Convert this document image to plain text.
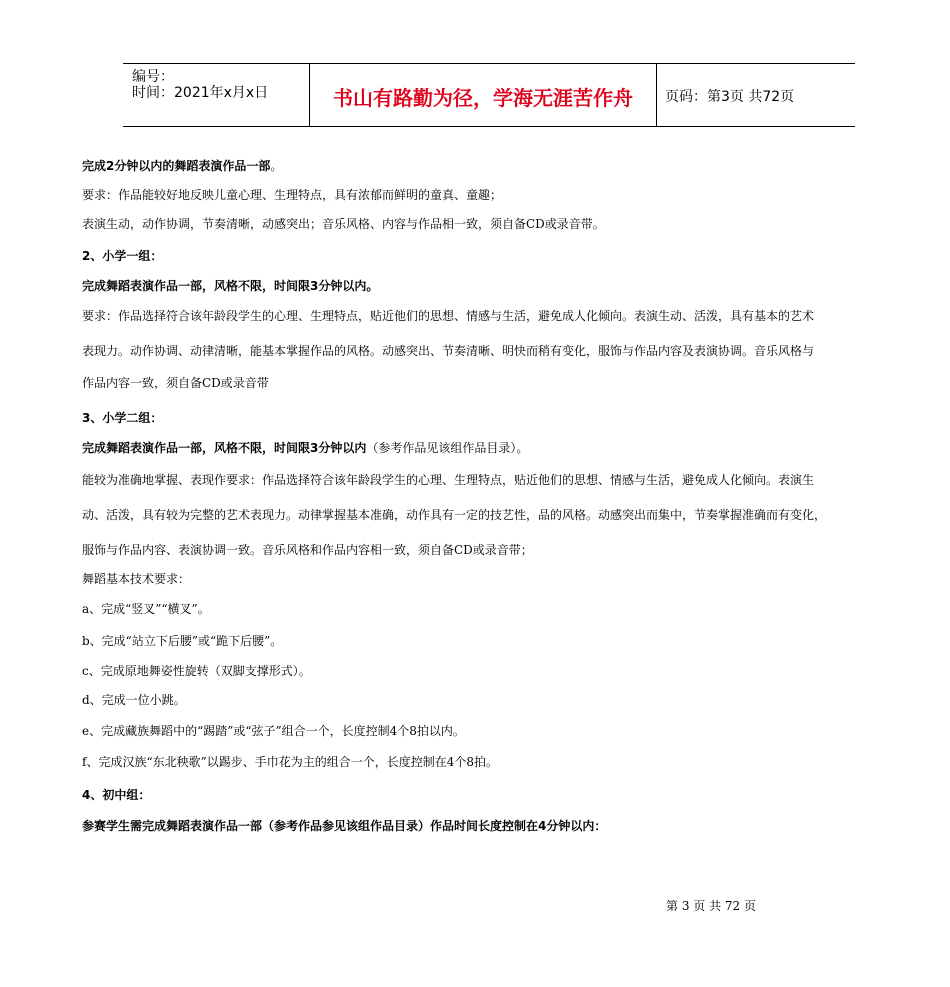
编号：
时间：2021年x月x日	书山有路勤为径，学海无涯苦作舟	页码：第3页 共72页
完成2分钟以内的舞蹈表演作品一部。
要求：作品能较好地反映儿童心理、生理特点，具有浓郁而鲜明的童真、童趣；
表演生动，动作协调，节奏清晰，动感突出；音乐风格、内容与作品相一致，须自备CD或录音带。
2、小学一组：
完成舞蹈表演作品一部，风格不限，时间限3分钟以内。
要求：作品选择符合该年龄段学生的心理、生理特点，贴近他们的思想、情感与生活，避免成人化倾向。表演生动、活泼，具有基本的艺术
表现力。动作协调、动律清晰，能基本掌握作品的风格。动感突出、节奏清晰、明快而稍有变化，服饰与作品内容及表演协调。音乐风格与
作品内容一致，须自备CD或录音带
3、小学二组：
完成舞蹈表演作品一部，风格不限，时间限3分钟以内（参考作品见该组作品目录）。
能较为准确地掌握、表现作要求：作品选择符合该年龄段学生的心理、生理特点，贴近他们的思想、情感与生活，避免成人化倾向。表演生
动、活泼，具有较为完整的艺术表现力。动律掌握基本准确，动作具有一定的技艺性，品的风格。动感突出而集中，节奏掌握准确而有变化，
服饰与作品内容、表演协调一致。音乐风格和作品内容相一致，须自备CD或录音带；
舞蹈基本技术要求：
a、完成“竖叉”“横叉”。
b、完成“站立下后腰”或“跪下后腰”。
c、完成原地舞姿性旋转（双脚支撑形式）。
d、完成一位小跳。
e、完成藏族舞蹈中的“踢踏”或“弦子”组合一个，长度控制4个8拍以内。
f、完成汉族“东北秧歌”以踢步、手巾花为主的组合一个，长度控制在4个8拍。
4、初中组：
参赛学生需完成舞蹈表演作品一部（参考作品参见该组作品目录）作品时间长度控制在4分钟以内：
第 3 页 共 72 页
